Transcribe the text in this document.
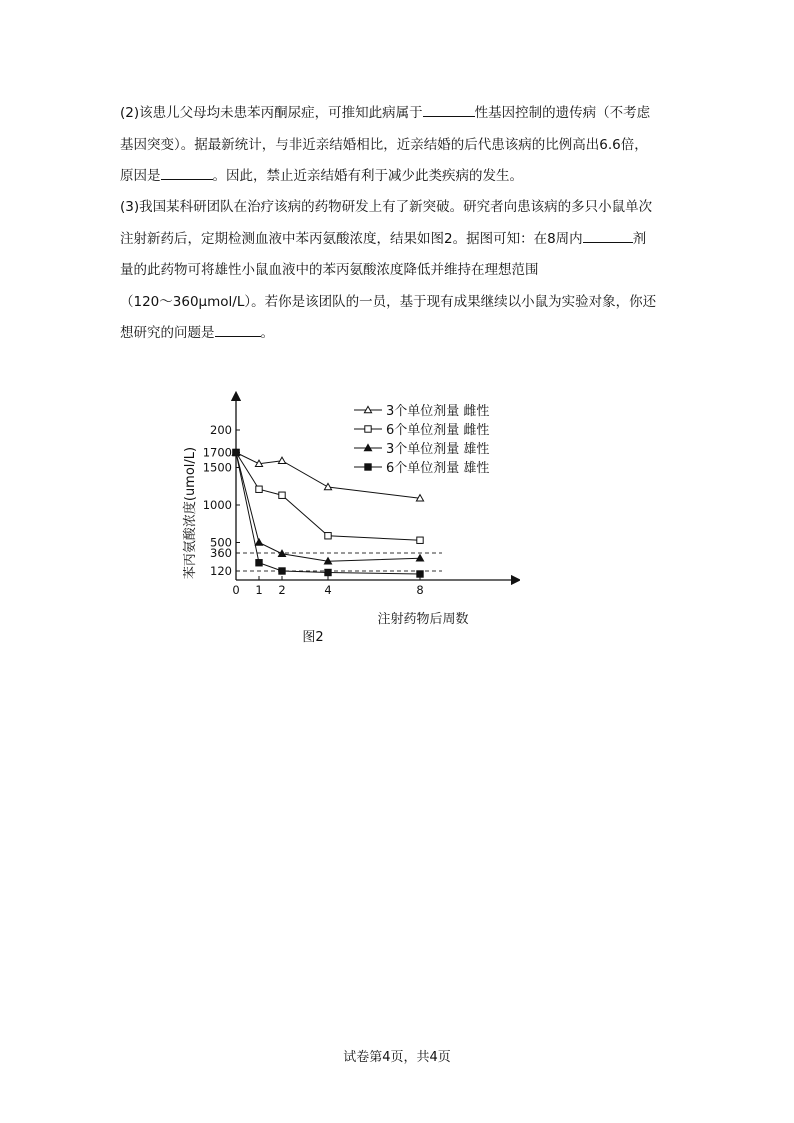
(2)该患儿父母均未患苯丙酮尿症，可推知此病属于	性基因控制的遗传病（不考虑
基因突变）。据最新统计，与非近亲结婚相比，近亲结婚的后代患该病的比例高出6.6倍，
原因是	。因此，禁止近亲结婚有利于减少此类疾病的发生。
(3)我国某科研团队在治疗该病的药物研发上有了新突破。研究者向患该病的多只小鼠单次
注射新药后，定期检测血液中苯丙氨酸浓度，结果如图2。据图可知：在8周内	剂
量的此药物可将雄性小鼠血液中的苯丙氨酸浓度降低并维持在理想范围
（120～360μmol/L）。若你是该团队的一员，基于现有成果继续以小鼠为实验对象，你还
想研究的问题是	。
120
360
500
1000
1500
1700
200
0 1 2	4	8
3个单位剂量 雌性
6个单位剂量 雌性
3个单位剂量 雄性
6个单位剂量 雄性
苯丙氨酸浓度(umol/L)
注射药物后周数
图2
试卷第4页，共4页
